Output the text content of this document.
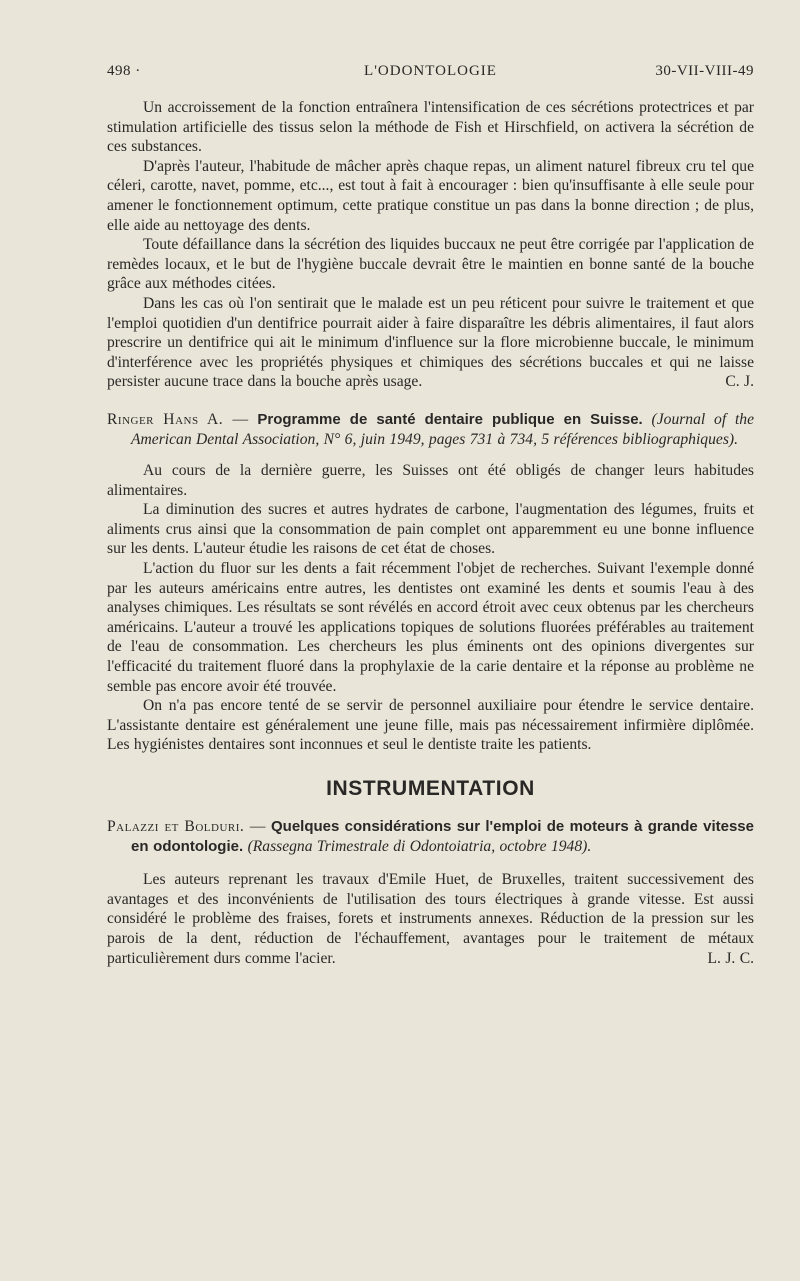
498 ·	L'ODONTOLOGIE	30-VII-VIII-49

Un accroissement de la fonction entraînera l'intensification de ces sécrétions protectrices et par stimulation artificielle des tissus selon la méthode de Fish et Hirschfield, on activera la sécrétion de ces substances.

D'après l'auteur, l'habitude de mâcher après chaque repas, un aliment naturel fibreux cru tel que céleri, carotte, navet, pomme, etc..., est tout à fait à encourager : bien qu'insuffisante à elle seule pour amener le fonctionnement optimum, cette pratique constitue un pas dans la bonne direction ; de plus, elle aide au nettoyage des dents.

Toute défaillance dans la sécrétion des liquides buccaux ne peut être corrigée par l'application de remèdes locaux, et le but de l'hygiène buccale devrait être le maintien en bonne santé de la bouche grâce aux méthodes citées.

Dans les cas où l'on sentirait que le malade est un peu réticent pour suivre le traitement et que l'emploi quotidien d'un dentifrice pourrait aider à faire disparaître les débris alimentaires, il faut alors prescrire un dentifrice qui ait le minimum d'influence sur la flore microbienne buccale, le minimum d'interférence avec les propriétés physiques et chimiques des sécrétions buccales et qui ne laisse persister aucune trace dans la bouche après usage.	C. J.

Ringer Hans A. — Programme de santé dentaire publique en Suisse. (Journal of the American Dental Association, N° 6, juin 1949, pages 731 à 734, 5 références bibliographiques).

Au cours de la dernière guerre, les Suisses ont été obligés de changer leurs habitudes alimentaires.

La diminution des sucres et autres hydrates de carbone, l'augmentation des légumes, fruits et aliments crus ainsi que la consommation de pain complet ont apparemment eu une bonne influence sur les dents. L'auteur étudie les raisons de cet état de choses.

L'action du fluor sur les dents a fait récemment l'objet de recherches. Suivant l'exemple donné par les auteurs américains entre autres, les dentistes ont examiné les dents et soumis l'eau à des analyses chimiques. Les résultats se sont révélés en accord étroit avec ceux obtenus par les chercheurs américains. L'auteur a trouvé les applications topiques de solutions fluorées préférables au traitement de l'eau de consommation. Les chercheurs les plus éminents ont des opinions divergentes sur l'efficacité du traitement fluoré dans la prophylaxie de la carie dentaire et la réponse au problème ne semble pas encore avoir été trouvée.

On n'a pas encore tenté de se servir de personnel auxiliaire pour étendre le service dentaire. L'assistante dentaire est généralement une jeune fille, mais pas nécessairement infirmière diplômée. Les hygiénistes dentaires sont inconnues et seul le dentiste traite les patients.

INSTRUMENTATION

Palazzi et Bolduri. — Quelques considérations sur l'emploi de moteurs à grande vitesse en odontologie. (Rassegna Trimestrale di Odontoiatria, octobre 1948).

Les auteurs reprenant les travaux d'Emile Huet, de Bruxelles, traitent successivement des avantages et des inconvénients de l'utilisation des tours électriques à grande vitesse. Est aussi considéré le problème des fraises, forets et instruments annexes. Réduction de la pression sur les parois de la dent, réduction de l'échauffement, avantages pour le traitement de métaux particulièrement durs comme l'acier.	L. J. C.
